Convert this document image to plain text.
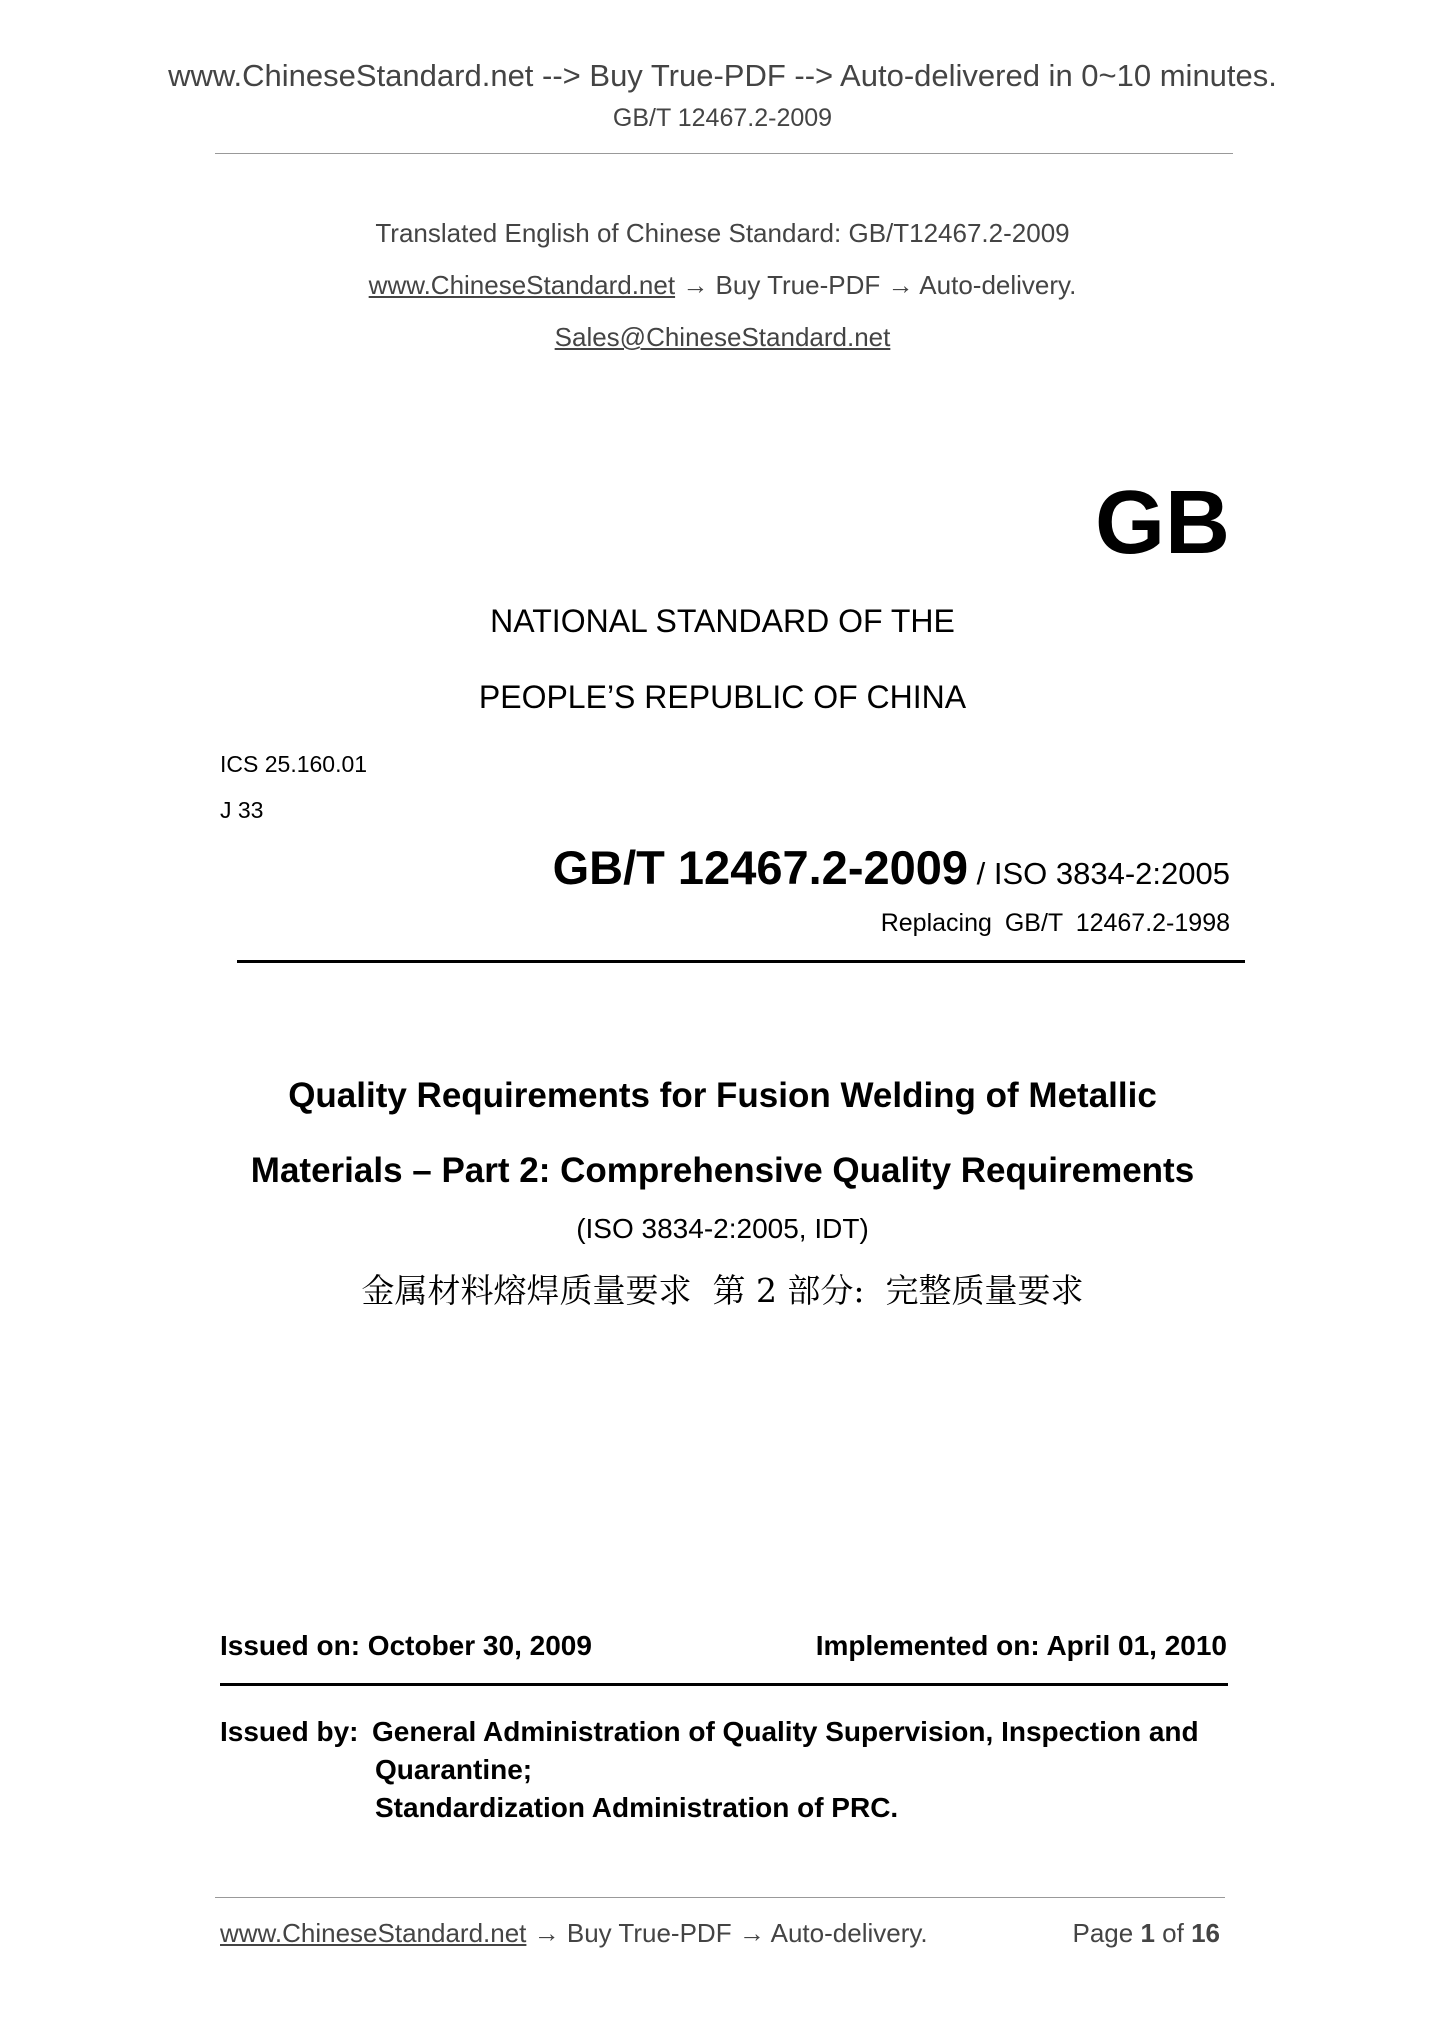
www.ChineseStandard.net --> Buy True-PDF --> Auto-delivered in 0~10 minutes.
GB/T 12467.2-2009
Translated English of Chinese Standard: GB/T12467.2-2009
www.ChineseStandard.net → Buy True-PDF → Auto-delivery.
Sales@ChineseStandard.net
GB
NATIONAL STANDARD OF THE
PEOPLE’S REPUBLIC OF CHINA
ICS 25.160.01
J 33
GB/T 12467.2-2009 / ISO 3834-2:2005
Replacing GB/T 12467.2-1998
Quality Requirements for Fusion Welding of Metallic
Materials – Part 2: Comprehensive Quality Requirements
(ISO 3834-2:2005, IDT)
金属材料熔焊质量要求  第 2 部分:  完整质量要求
Issued on: October 30, 2009	Implemented on: April 01, 2010
Issued by: General Administration of Quality Supervision, Inspection and
Quarantine;
Standardization Administration of PRC.
www.ChineseStandard.net → Buy True-PDF → Auto-delivery.	Page 1 of 16
